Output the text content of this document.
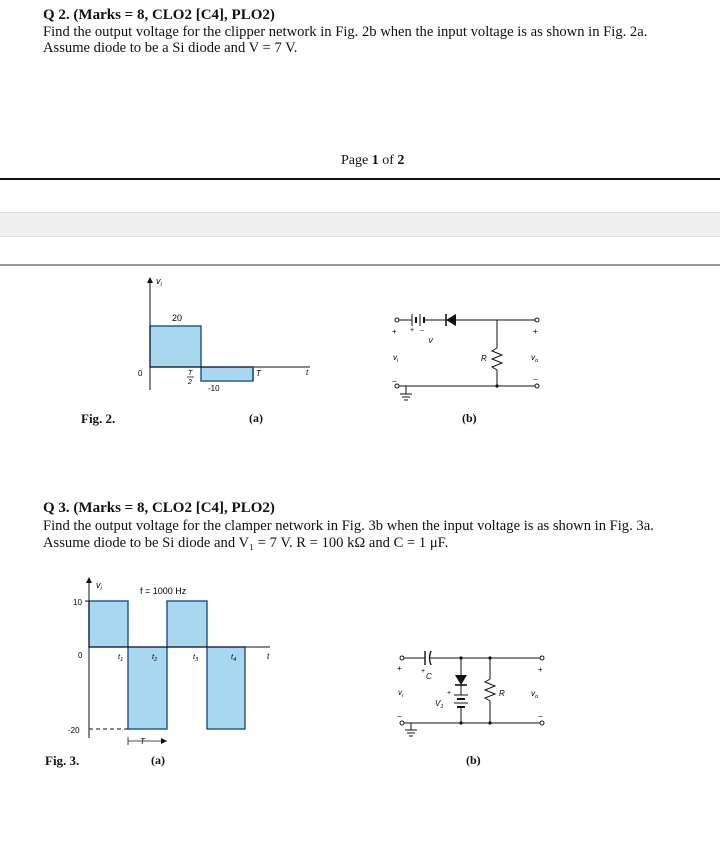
Q 2. (Marks = 8, CLO2 [C4], PLO2)
Find the output voltage for the clipper network in Fig. 2b when the input voltage is as shown in Fig. 2a.
Assume diode to be a Si diode and V = 7 V.
Page 1 of 2
$v_i$
20
0	T
2
-10
T	t
+
−
$v_i$
+ −
V
R
+
$v_o$
−
Fig. 2.	(a)	(b)
Q 3. (Marks = 8, CLO2 [C4], PLO2)
Find the output voltage for the clamper network in Fig. 3b when the input voltage is as shown in Fig. 3a.
Assume diode to be Si diode and V₁ = 7 V. R = 100 kΩ and C = 1 μF.
$v_i$	f = 1000 Hz
10
0
-20
$t_1$	$t_2$	$t_3$	$t_4$	t
T
+
−
$v_i$
+
C
+
$V_1$
R
+
$v_o$
−
Fig. 3.	(a)	(b)
